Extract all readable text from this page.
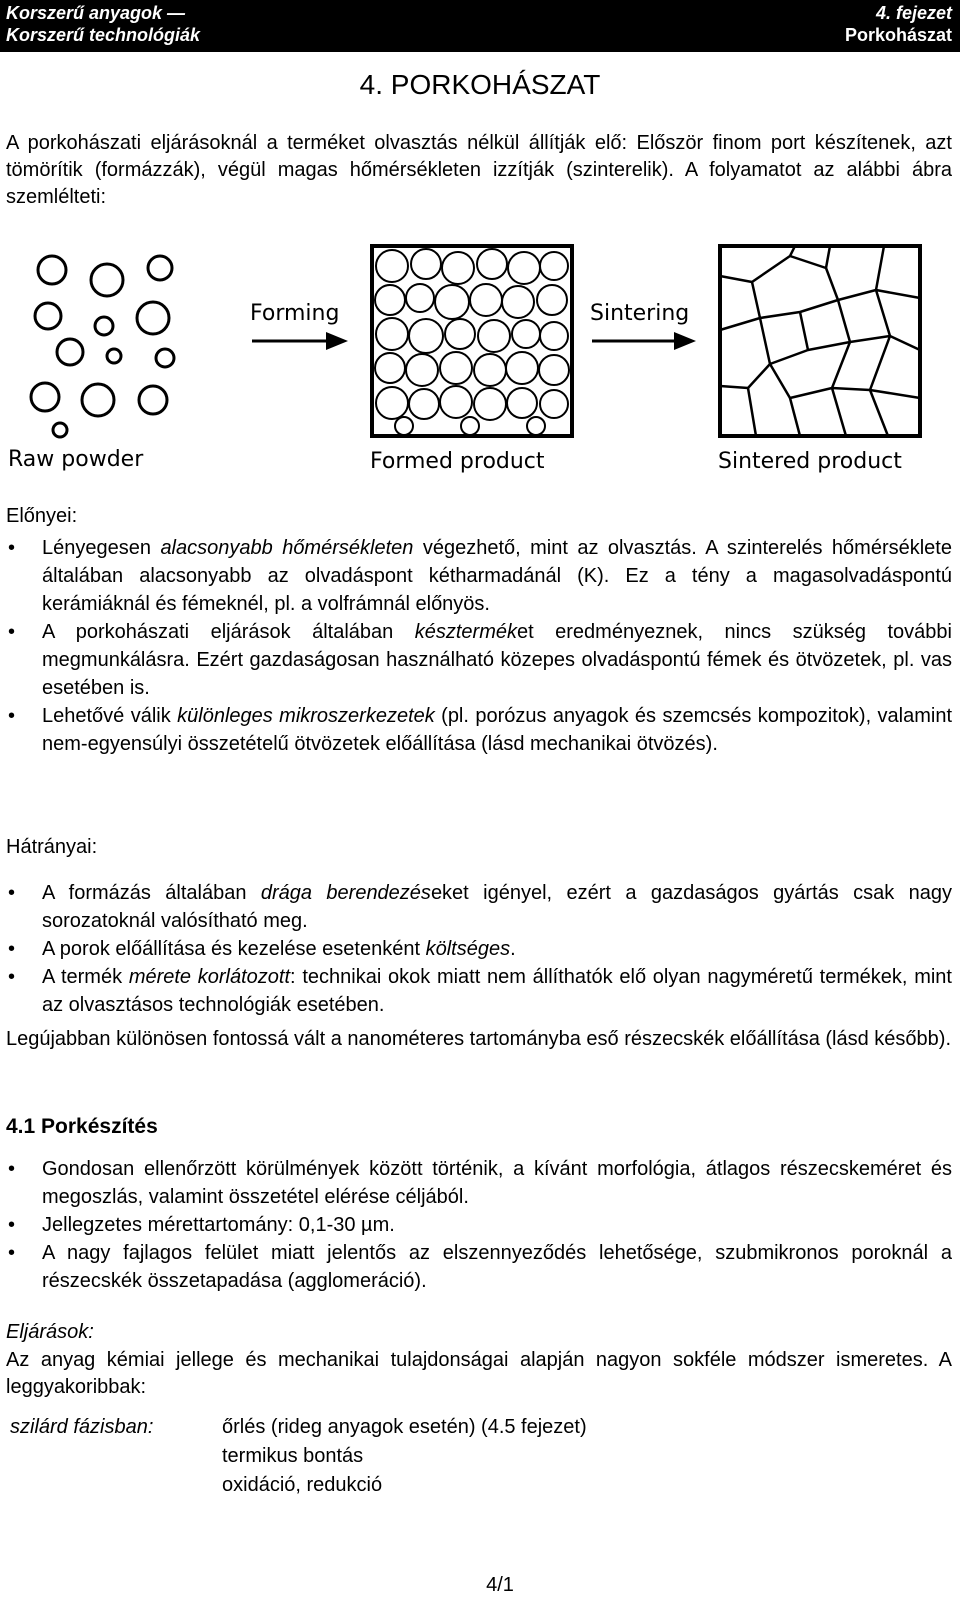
Korszerű anyagok —
Korszerű technológiák
4. fejezet
Porkohászat
4. PORKOHÁSZAT

A porkohászati eljárásoknál a terméket olvasztás nélkül állítják elő: Először finom port készítenek, azt tömörítik (formázzák), végül magas hőmérsékleten izzítják (szinterelik). A folyamatot az alábbi ábra szemlélteti:

Forming	Sintering
Raw powder	Formed product	Sintered product
Előnyei:
• Lényegesen alacsonyabb hőmérsékleten végezhető, mint az olvasztás. A szinterelés hőmérséklete általában alacsonyabb az olvadáspont kétharmadánál (K). Ez a tény a magasolvadáspontú kerámiáknál és fémeknél, pl. a volfrámnál előnyös.
• A porkohászati eljárások általában készterméket eredményeznek, nincs szükség további megmunkálásra. Ezért gazdaságosan használható közepes olvadáspontú fémek és ötvözetek, pl. vas esetében is.
• Lehetővé válik különleges mikroszerkezetek (pl. porózus anyagok és szemcsés kompozitok), valamint nem-egyensúlyi összetételű ötvözetek előállítása (lásd mechanikai ötvözés).
Hátrányai:
• A formázás általában drága berendezéseket igényel, ezért a gazdaságos gyártás csak nagy sorozatoknál valósítható meg.
• A porok előállítása és kezelése esetenként költséges.
• A termék mérete korlátozott: technikai okok miatt nem állíthatók elő olyan nagyméretű termékek, mint az olvasztásos technológiák esetében.

Legújabban különösen fontossá vált a nanométeres tartományba eső részecskék előállítása (lásd később).

4.1 Porkészítés
• Gondosan ellenőrzött körülmények között történik, a kívánt morfológia, átlagos részecskeméret és megoszlás, valamint összetétel elérése céljából.
• Jellegzetes mérettartomány: 0,1-30 µm.
• A nagy fajlagos felület miatt jelentős az elszennyeződés lehetősége, szubmikronos poroknál a részecskék összetapadása (agglomeráció).
Eljárások:

Az anyag kémiai jellege és mechanikai tulajdonságai alapján nagyon sokféle módszer ismeretes. A leggyakoribbak:

szilárd fázisban:	őrlés (rideg anyagok esetén) (4.5 fejezet)
termikus bontás
oxidáció, redukció
4/1
